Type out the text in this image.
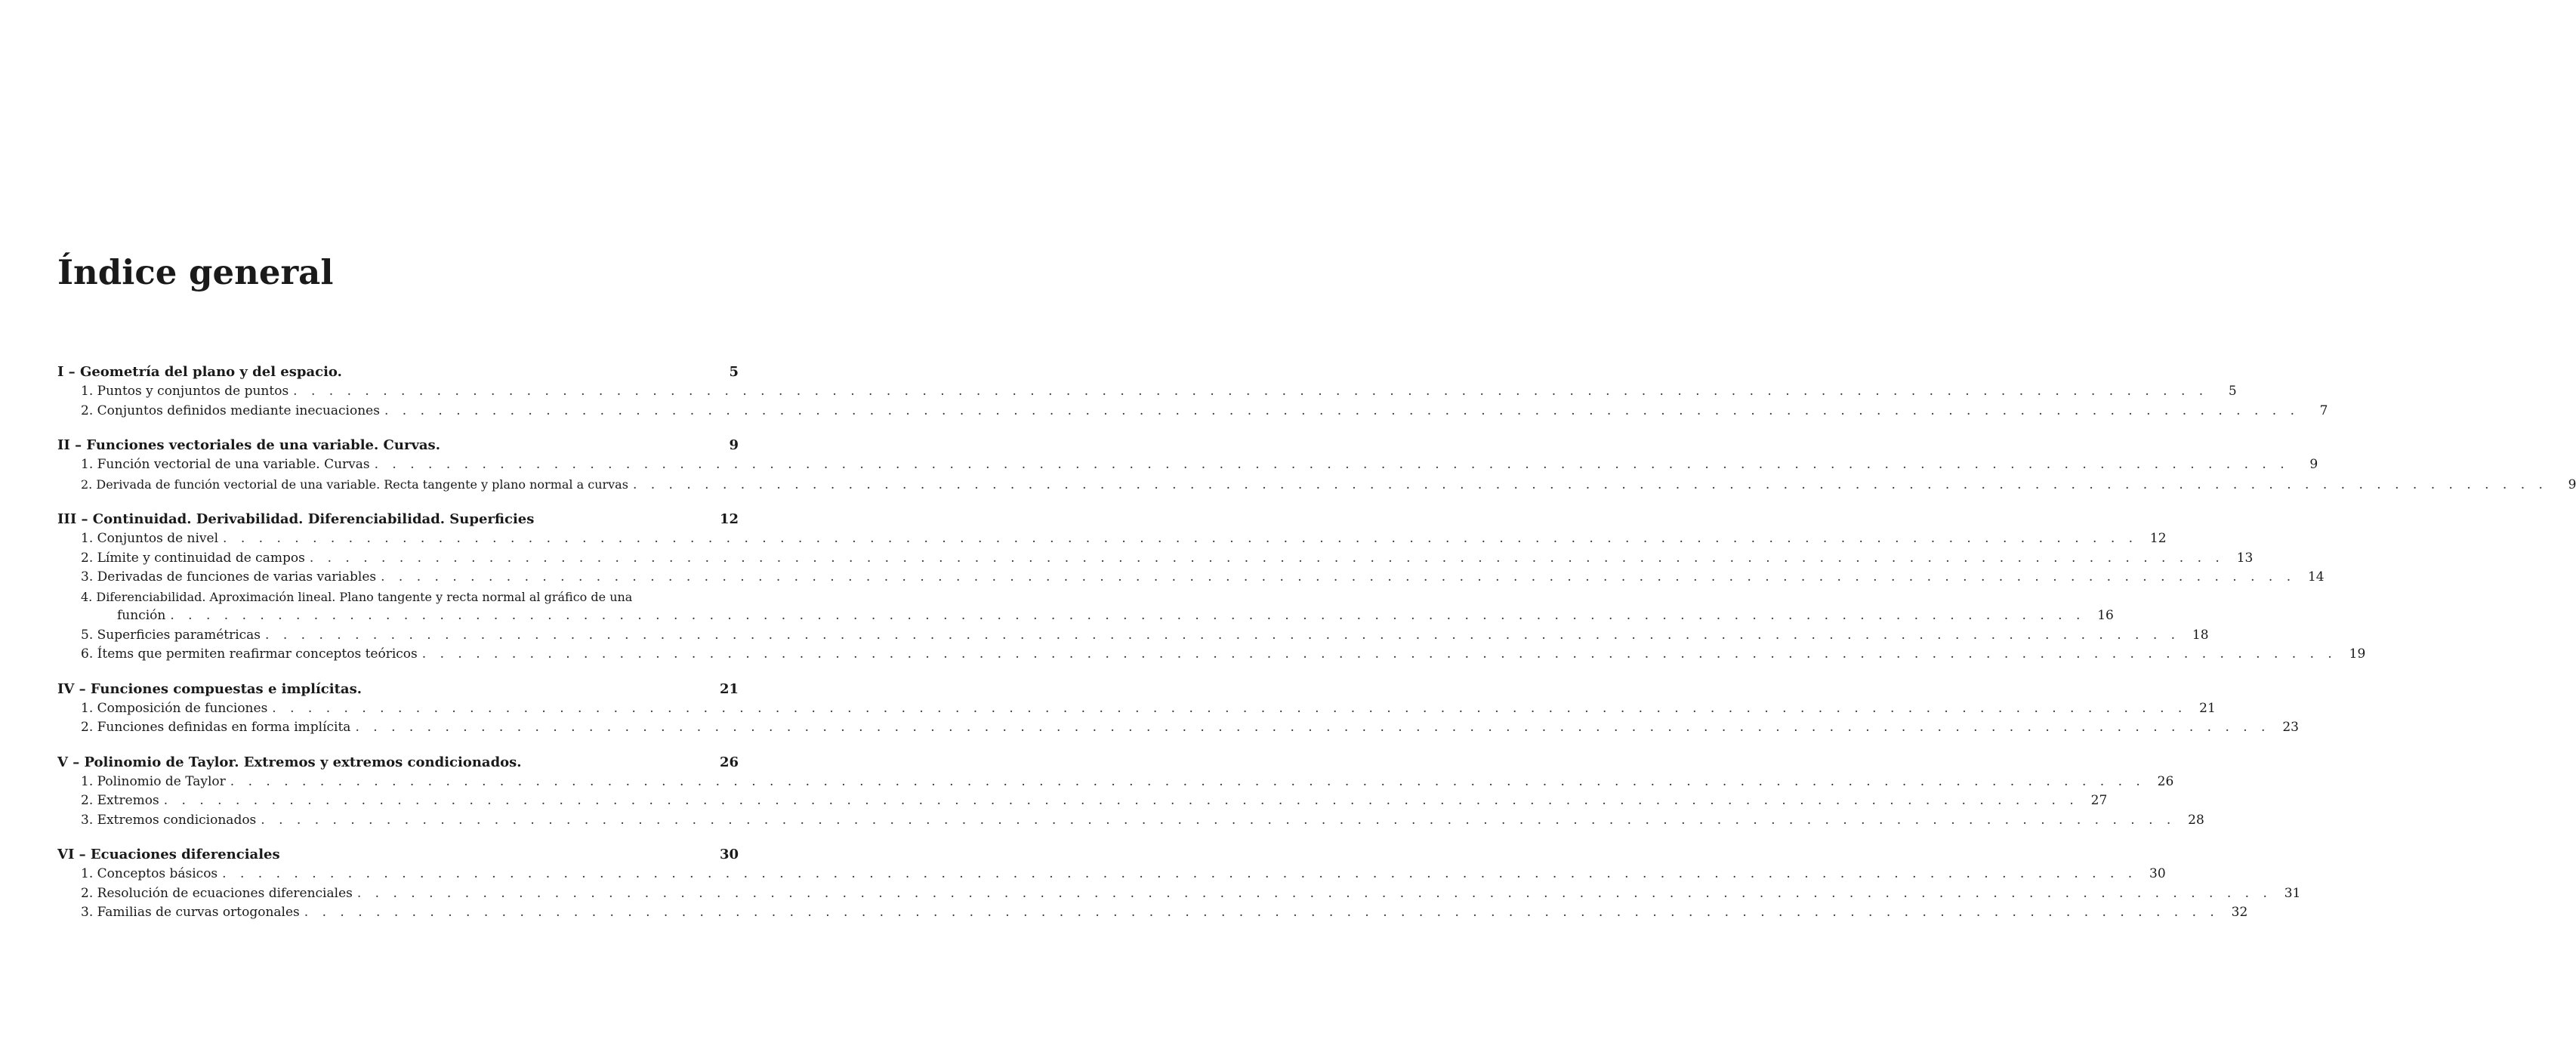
Índice general
I – Geometría del plano y del espacio.	5
1. Puntos y conjuntos de puntos . . .	5
2. Conjuntos definidos mediante inecuaciones . . .	7
II – Funciones vectoriales de una variable. Curvas.	9
1. Función vectorial de una variable. Curvas . . .	9
2. Derivada de función vectorial de una variable. Recta tangente y plano normal a curvas . . .	9
III – Continuidad. Derivabilidad. Diferenciabilidad. Superficies	12
1. Conjuntos de nivel . . .	12
2. Límite y continuidad de campos . . .	13
3. Derivadas de funciones de varias variables . . .	14
4. Diferenciabilidad. Aproximación lineal. Plano tangente y recta normal al gráfico de una
función . . .	16
5. Superficies paramétricas . . .	18
6. Ítems que permiten reafirmar conceptos teóricos . . .	19
IV – Funciones compuestas e implícitas.	21
1. Composición de funciones . . .	21
2. Funciones definidas en forma implícita . . .	23
V – Polinomio de Taylor. Extremos y extremos condicionados.	26
1. Polinomio de Taylor . . .	26
2. Extremos . . .	27
3. Extremos condicionados . . .	28
VI – Ecuaciones diferenciales	30
1. Conceptos básicos . . .	30
2. Resolución de ecuaciones diferenciales . . .	31
3. Familias de curvas ortogonales . . .	32
